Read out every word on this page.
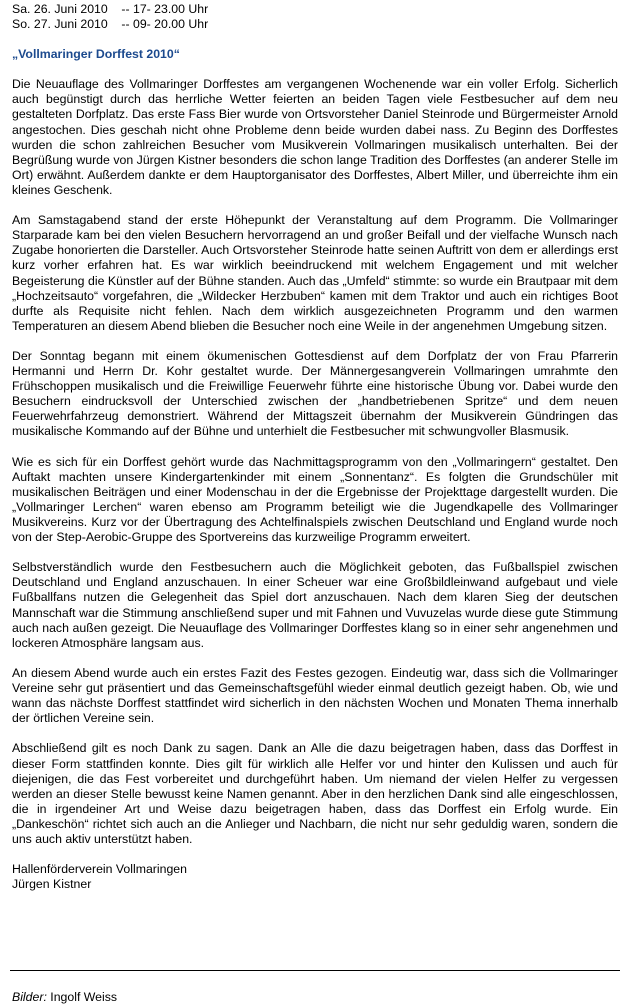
Sa. 26. Juni 2010    -- 17- 23.00 Uhr
So. 27. Juni 2010    -- 09- 20.00 Uhr
„Vollmaringer Dorffest 2010“

Die Neuauflage des Vollmaringer Dorffestes am vergangenen Wochenende war ein voller Erfolg. Sicherlich auch begünstigt durch das herrliche Wetter feierten an beiden Tagen viele Festbesucher auf dem neu gestalteten Dorfplatz. Das erste Fass Bier wurde von Ortsvorsteher Daniel Steinrode und Bürgermeister Arnold angestochen. Dies geschah nicht ohne Probleme denn beide wurden dabei nass. Zu Beginn des Dorffestes wurden die schon zahlreichen Besucher vom Musikverein Vollmaringen musikalisch unterhalten. Bei der Begrüßung wurde von Jürgen Kistner besonders die schon lange Tradition des Dorffestes (an anderer Stelle im Ort) erwähnt. Außerdem dankte er dem Hauptorganisator des Dorffestes, Albert Miller, und überreichte ihm ein kleines Geschenk.

Am Samstagabend stand der erste Höhepunkt der Veranstaltung auf dem Programm. Die Vollmaringer Starparade kam bei den vielen Besuchern hervorragend an und großer Beifall und der vielfache Wunsch nach Zugabe honorierten die Darsteller. Auch Ortsvorsteher Steinrode hatte seinen Auftritt von dem er allerdings erst kurz vorher erfahren hat. Es war wirklich beeindruckend mit welchem Engagement und mit welcher Begeisterung die Künstler auf der Bühne standen. Auch das „Umfeld“ stimmte: so wurde ein Brautpaar mit dem „Hochzeitsauto“ vorgefahren, die „Wildecker Herzbuben“ kamen mit dem Traktor und auch ein richtiges Boot durfte als Requisite nicht fehlen. Nach dem wirklich ausgezeichneten Programm und den warmen Temperaturen an diesem Abend blieben die Besucher noch eine Weile in der angenehmen Umgebung sitzen.

Der Sonntag begann mit einem ökumenischen Gottesdienst auf dem Dorfplatz der von Frau Pfarrerin Hermanni und Herrn Dr. Kohr gestaltet wurde. Der Männergesangverein Vollmaringen umrahmte den Frühschoppen musikalisch und die Freiwillige Feuerwehr führte eine historische Übung vor. Dabei wurde den Besuchern eindrucksvoll der Unterschied zwischen der „handbetriebenen Spritze“ und dem neuen Feuerwehrfahrzeug demonstriert. Während der Mittagszeit übernahm der Musikverein Gündringen das musikalische Kommando auf der Bühne und unterhielt die Festbesucher mit schwungvoller Blasmusik.

Wie es sich für ein Dorffest gehört wurde das Nachmittagsprogramm von den „Vollmaringern“ gestaltet. Den Auftakt machten unsere Kindergartenkinder mit einem „Sonnentanz“. Es folgten die Grundschüler mit musikalischen Beiträgen und einer Modenschau in der die Ergebnisse der Projekttage dargestellt wurden. Die „Vollmaringer Lerchen“ waren ebenso am Programm beteiligt wie die Jugendkapelle des Vollmaringer Musikvereins. Kurz vor der Übertragung des Achtelfinalspiels zwischen Deutschland und England wurde noch von der Step-Aerobic-Gruppe des Sportvereins das kurzweilige Programm erweitert.

Selbstverständlich wurde den Festbesuchern auch die Möglichkeit geboten, das Fußballspiel zwischen Deutschland und England anzuschauen. In einer Scheuer war eine Großbildleinwand aufgebaut und viele Fußballfans nutzen die Gelegenheit das Spiel dort anzuschauen. Nach dem klaren Sieg der deutschen Mannschaft war die Stimmung anschließend super und mit Fahnen und Vuvuzelas wurde diese gute Stimmung auch nach außen gezeigt. Die Neuauflage des Vollmaringer Dorffestes klang so in einer sehr angenehmen und lockeren Atmosphäre langsam aus.

An diesem Abend wurde auch ein erstes Fazit des Festes gezogen. Eindeutig war, dass sich die Vollmaringer Vereine sehr gut präsentiert und das Gemeinschaftsgefühl wieder einmal deutlich gezeigt haben. Ob, wie und wann das nächste Dorffest stattfindet wird sicherlich in den nächsten Wochen und Monaten Thema innerhalb der örtlichen Vereine sein.

Abschließend gilt es noch Dank zu sagen. Dank an Alle die dazu beigetragen haben, dass das Dorffest in dieser Form stattfinden konnte. Dies gilt für wirklich alle Helfer vor und hinter den Kulissen und auch für diejenigen, die das Fest vorbereitet und durchgeführt haben. Um niemand der vielen Helfer zu vergessen werden an dieser Stelle bewusst keine Namen genannt. Aber in den herzlichen Dank sind alle eingeschlossen, die in irgendeiner Art und Weise dazu beigetragen haben, dass das Dorffest ein Erfolg wurde. Ein „Dankeschön“ richtet sich auch an die Anlieger und Nachbarn, die nicht nur sehr geduldig waren, sondern die uns auch aktiv unterstützt haben.

Hallenförderverein Vollmaringen
Jürgen Kistner
Bilder: Ingolf Weiss
